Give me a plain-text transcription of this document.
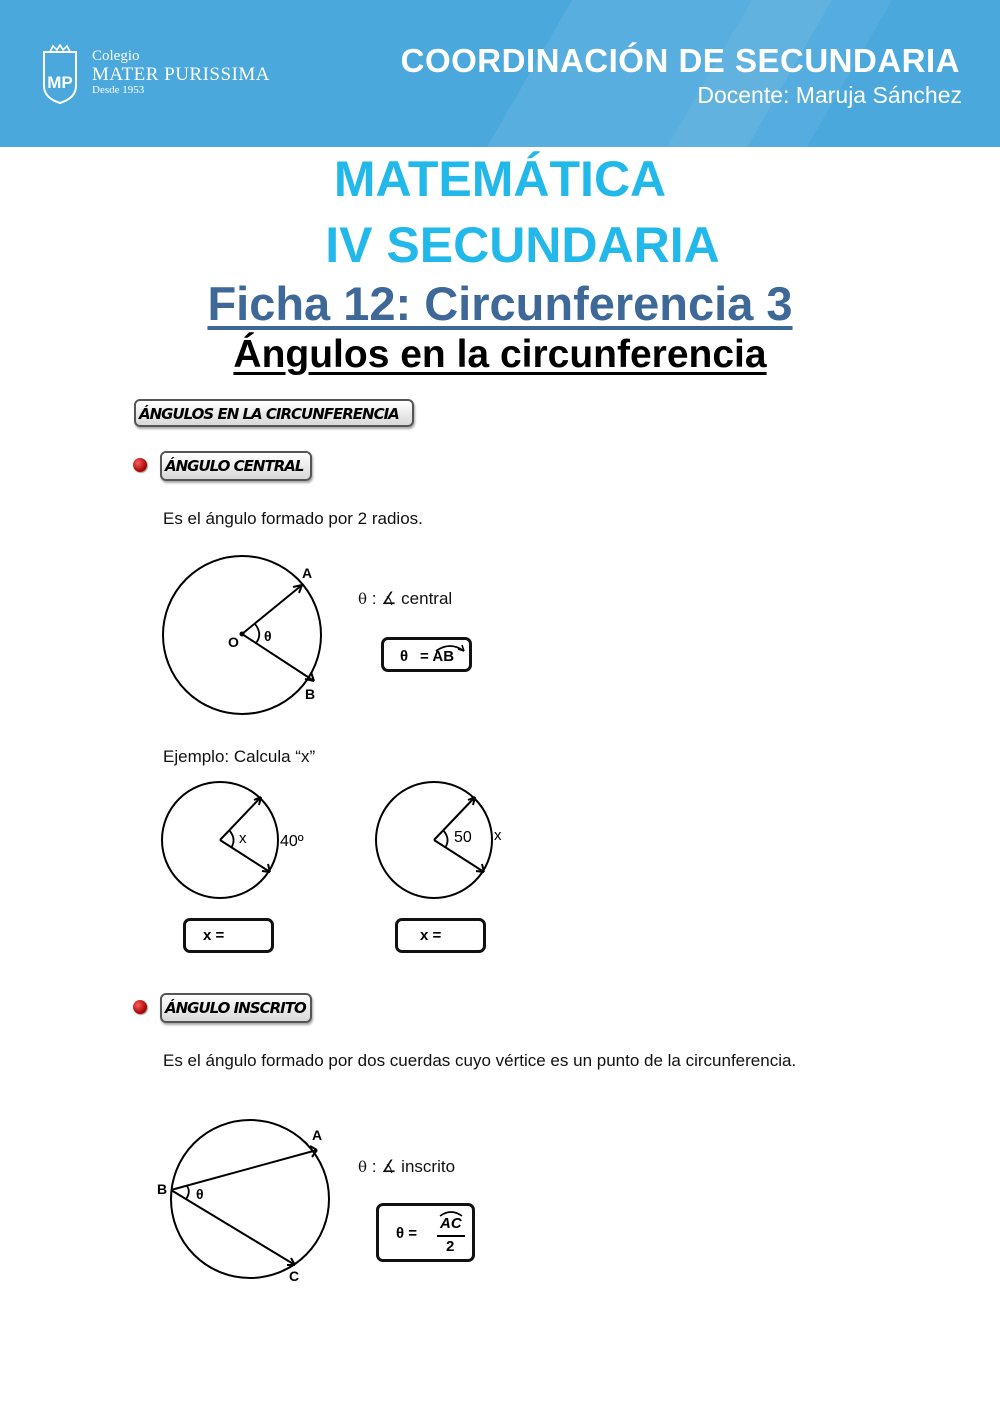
MP
Colegio
MATER PURISSIMA
Desde 1953
COORDINACIÓN DE SECUNDARIA
Docente: Maruja Sánchez
MATEMÁTICA
IV SECUNDARIA
Ficha 12: Circunferencia 3
Ángulos en la circunferencia
ÁNGULOS EN LA CIRCUNFERENCIA
ÁNGULO CENTRAL
Es el ángulo formado por 2 radios.
A
B
O θ
θ : ∡ central
θ = AB
Ejemplo: Calcula “x”
x 40º	50 x
x =	x =
ÁNGULO INSCRITO
Es el ángulo formado por dos cuerdas cuyo vértice es un punto de la circunferencia.
A
B
C
θ
θ : ∡ inscrito
θ =
AC
2
